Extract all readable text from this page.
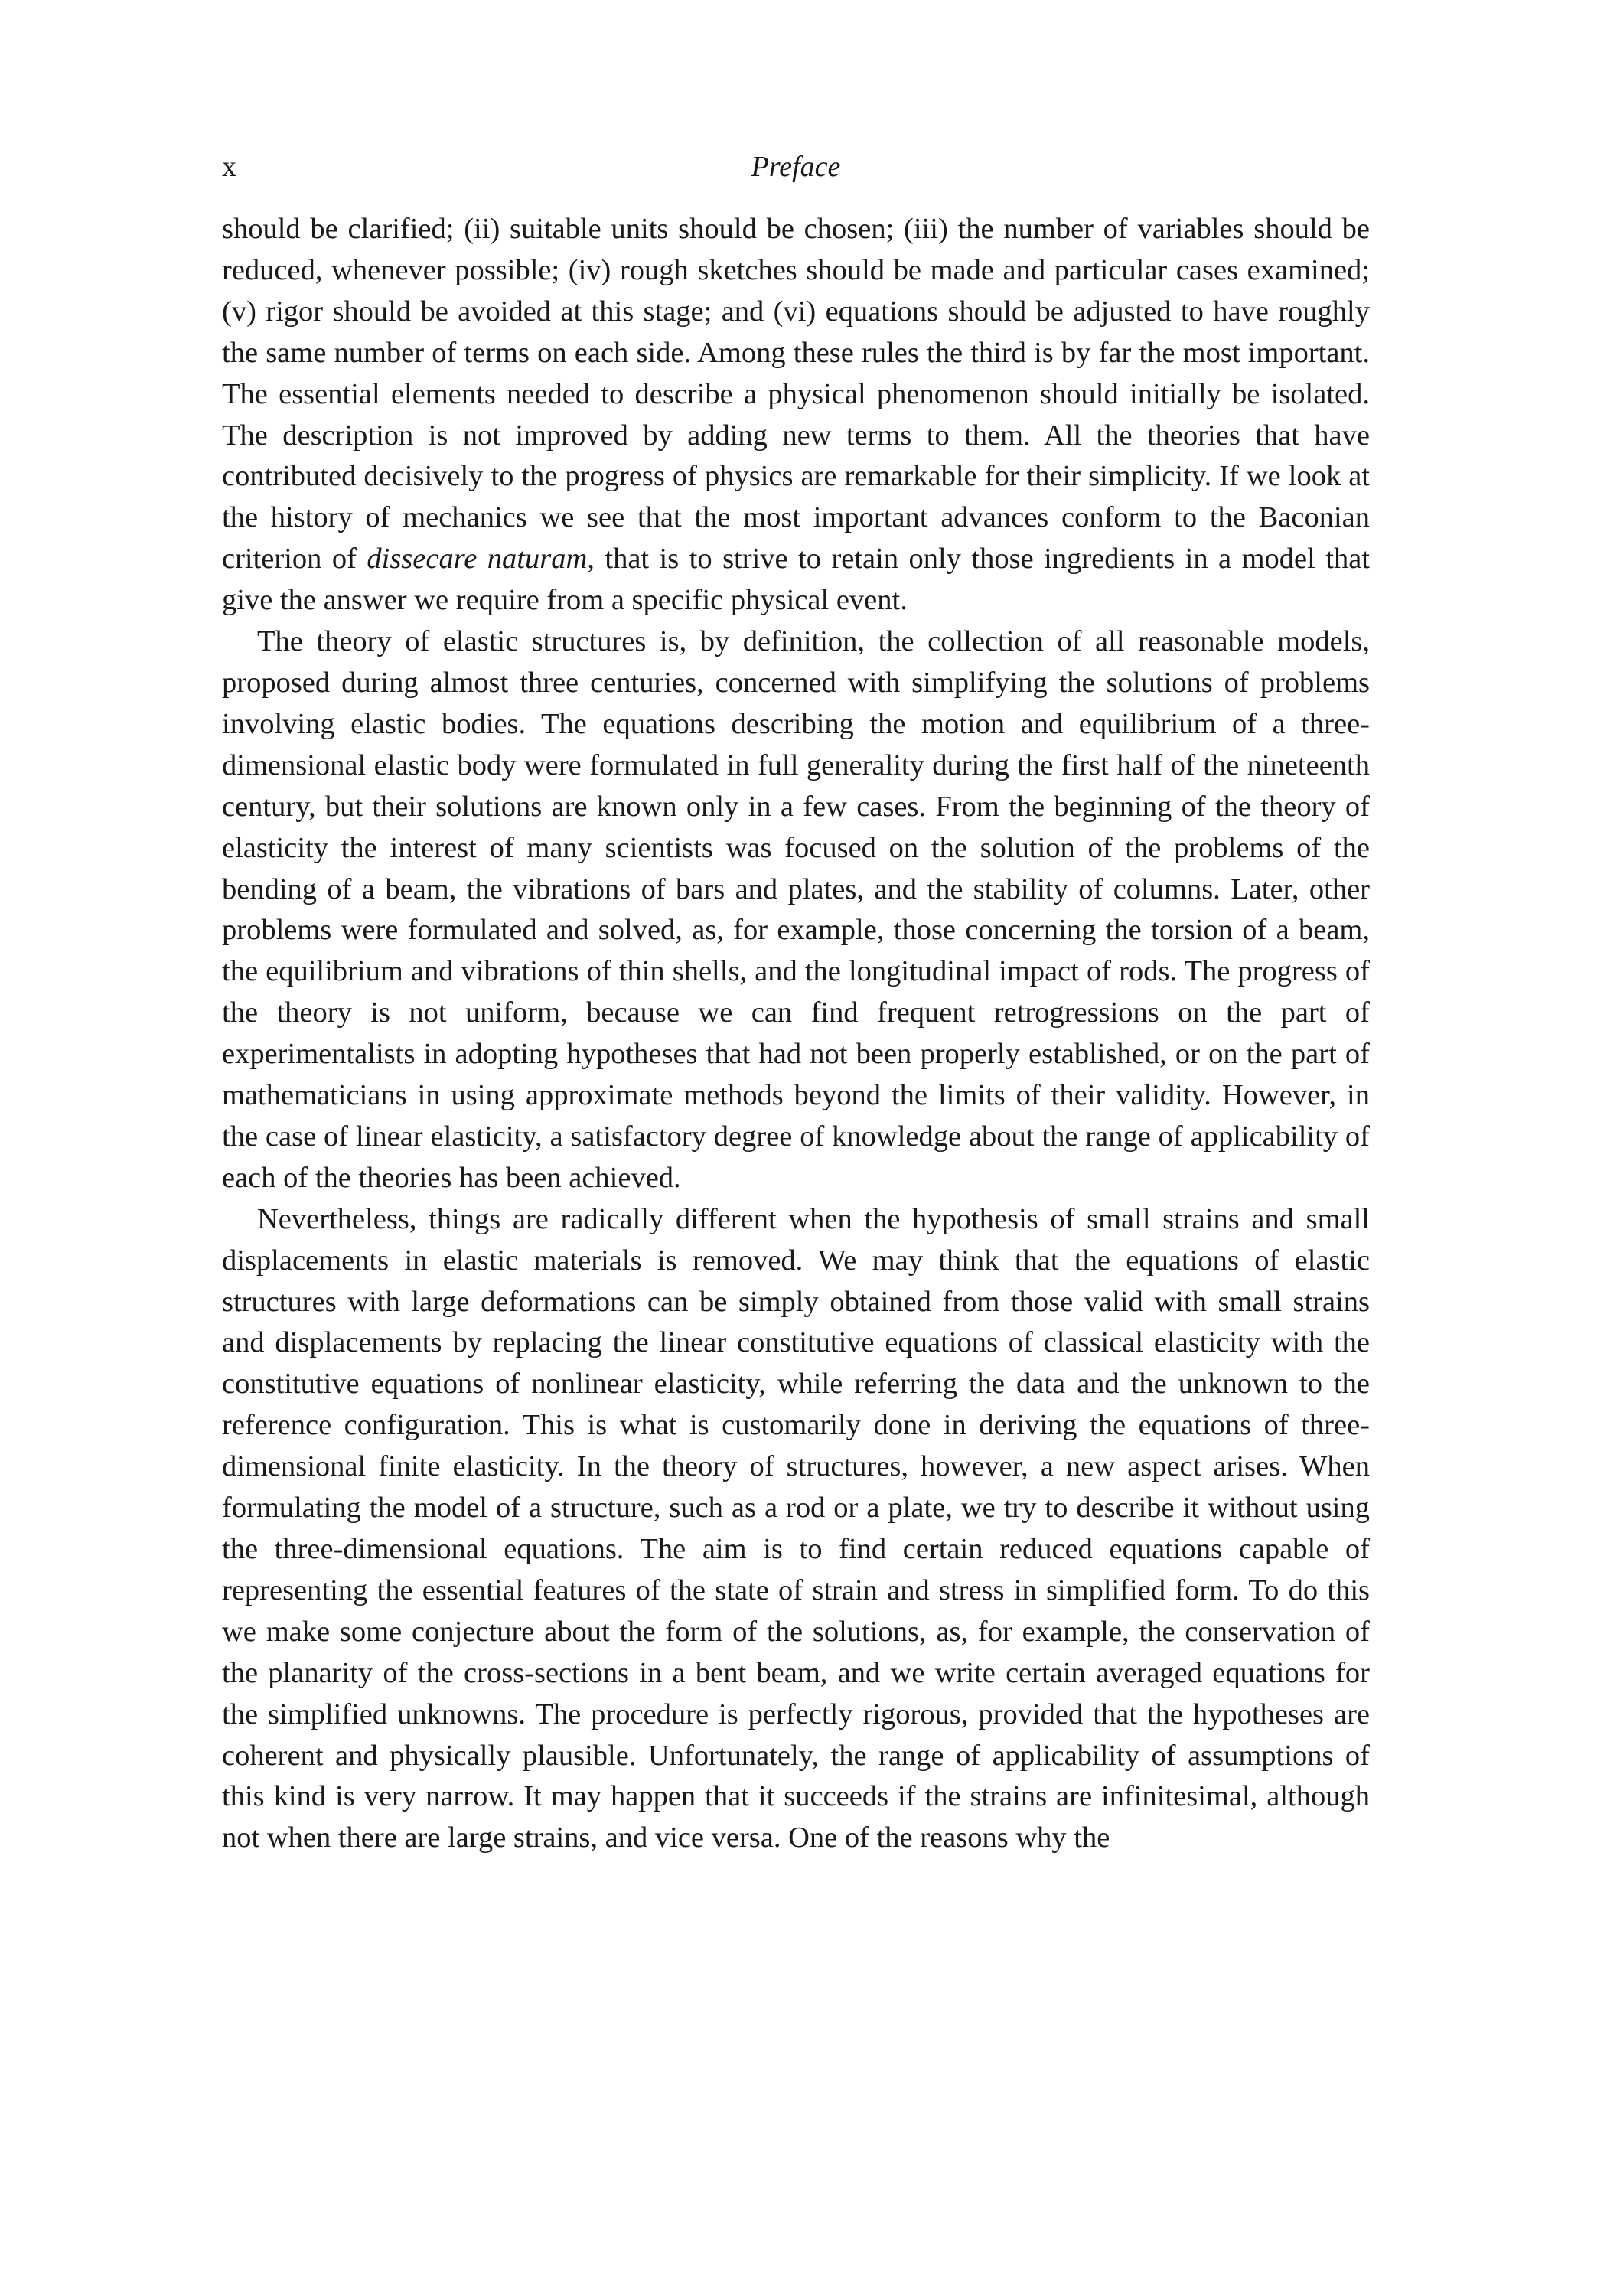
x	Preface

should be clarified; (ii) suitable units should be chosen; (iii) the number of variables should be reduced, whenever possible; (iv) rough sketches should be made and particular cases examined; (v) rigor should be avoided at this stage; and (vi) equations should be adjusted to have roughly the same number of terms on each side. Among these rules the third is by far the most important. The essential elements needed to describe a physical phenomenon should initially be isolated. The description is not improved by adding new terms to them. All the theories that have contributed decisively to the progress of physics are remarkable for their simplicity. If we look at the history of mechanics we see that the most important advances conform to the Baconian criterion of dissecare naturam, that is to strive to retain only those ingredients in a model that give the answer we require from a specific physical event.

The theory of elastic structures is, by definition, the collection of all reasonable models, proposed during almost three centuries, concerned with simplifying the solutions of problems involving elastic bodies. The equations describing the motion and equilibrium of a three-dimensional elastic body were formulated in full generality during the first half of the nineteenth century, but their solutions are known only in a few cases. From the beginning of the theory of elasticity the interest of many scientists was focused on the solution of the problems of the bending of a beam, the vibrations of bars and plates, and the stability of columns. Later, other problems were formulated and solved, as, for example, those concerning the torsion of a beam, the equilibrium and vibrations of thin shells, and the longitudinal impact of rods. The progress of the theory is not uniform, because we can find frequent retrogressions on the part of experimentalists in adopting hypotheses that had not been properly established, or on the part of mathematicians in using approximate methods beyond the limits of their validity. However, in the case of linear elasticity, a satisfactory degree of knowledge about the range of applicability of each of the theories has been achieved.

Nevertheless, things are radically different when the hypothesis of small strains and small displacements in elastic materials is removed. We may think that the equations of elastic structures with large deformations can be simply obtained from those valid with small strains and displacements by replacing the linear constitutive equations of classical elasticity with the constitutive equations of nonlinear elasticity, while referring the data and the unknown to the reference configuration. This is what is customarily done in deriving the equations of three-dimensional finite elasticity. In the theory of structures, however, a new aspect arises. When formulating the model of a structure, such as a rod or a plate, we try to describe it without using the three-dimensional equations. The aim is to find certain reduced equations capable of representing the essential features of the state of strain and stress in simplified form. To do this we make some conjecture about the form of the solutions, as, for example, the conservation of the planarity of the cross-sections in a bent beam, and we write certain averaged equations for the simplified unknowns. The procedure is perfectly rigorous, provided that the hypotheses are coherent and physically plausible. Unfortunately, the range of applicability of assumptions of this kind is very narrow. It may happen that it succeeds if the strains are infinitesimal, although not when there are large strains, and vice versa. One of the reasons why the
